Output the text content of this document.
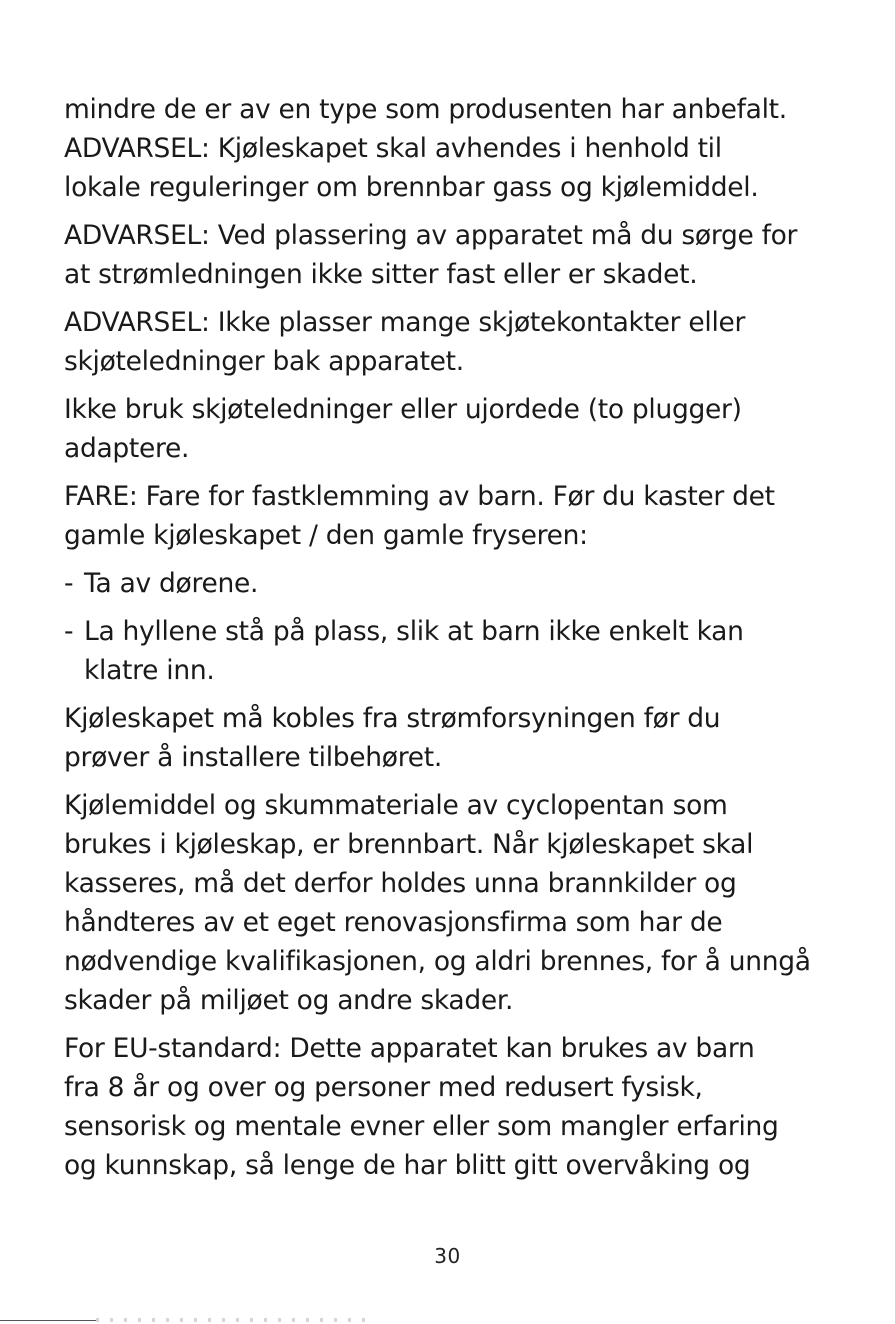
mindre de er av en type som produsenten har anbefalt.
ADVARSEL: Kjøleskapet skal avhendes i henhold til
lokale reguleringer om brennbar gass og kjølemiddel.
ADVARSEL: Ved plassering av apparatet må du sørge for
at strømledningen ikke sitter fast eller er skadet.
ADVARSEL: Ikke plasser mange skjøtekontakter eller
skjøteledninger bak apparatet.
Ikke bruk skjøteledninger eller ujordede (to plugger)
adaptere.
FARE: Fare for fastklemming av barn. Før du kaster det
gamle kjøleskapet / den gamle fryseren:
- Ta av dørene.
- La hyllene stå på plass, slik at barn ikke enkelt kan
klatre inn.
Kjøleskapet må kobles fra strømforsyningen før du
prøver å installere tilbehøret.
Kjølemiddel og skummateriale av cyclopentan som
brukes i kjøleskap, er brennbart. Når kjøleskapet skal
kasseres, må det derfor holdes unna brannkilder og
håndteres av et eget renovasjonsfirma som har de
nødvendige kvalifikasjonen, og aldri brennes, for å unngå
skader på miljøet og andre skader.
For EU-standard: Dette apparatet kan brukes av barn
fra 8 år og over og personer med redusert fysisk,
sensorisk og mentale evner eller som mangler erfaring
og kunnskap, så lenge de har blitt gitt overvåking og
30
